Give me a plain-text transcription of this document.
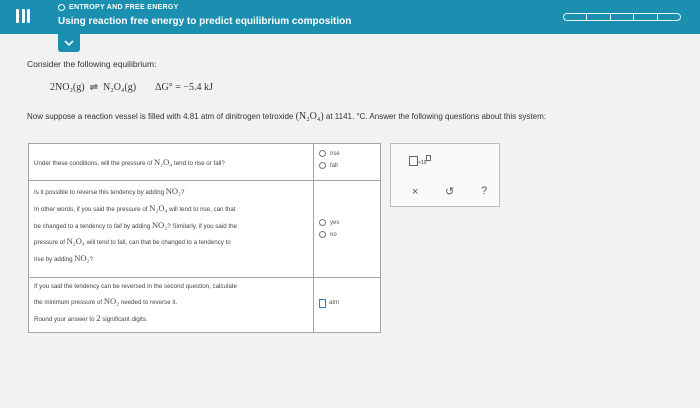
ENTROPY AND FREE ENERGY
Using reaction free energy to predict equilibrium composition
Consider the following equilibrium:
2NO₂(g) ⇌ N₂O₄(g) ΔG° = −5.4 kJ
Now suppose a reaction vessel is filled with 4.81 atm of dinitrogen tetroxide (N₂O₄) at 1141. °C. Answer the following questions about this system:
Under these conditions, will the pressure of N₂O₄ tend to rise or fall?
rise
fall
Is it possible to reverse this tendency by adding NO₂?
In other words, if you said the pressure of N₂O₄ will tend to rise, can that
be changed to a tendency to fall by adding NO₂? Similarly, if you said the
pressure of N₂O₄ will tend to fall, can that be changed to a tendency to
rise by adding NO₂?
yes
no
If you said the tendency can be reversed in the second question, calculate
the minimum pressure of NO₂ needed to reverse it.
Round your answer to 2 significant digits.
atm
×10
× ↺ ?
